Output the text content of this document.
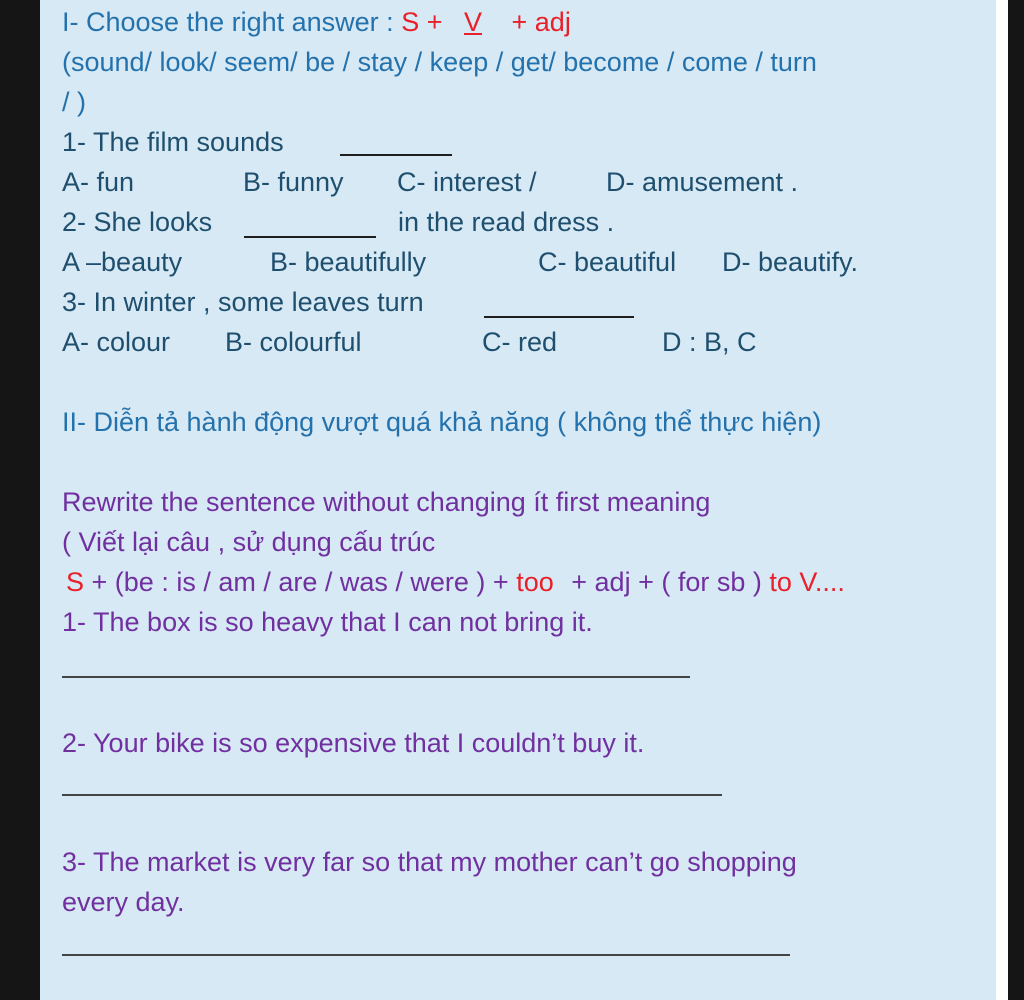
I- Choose the right answer : S + V + adj
(sound/ look/ seem/ be / stay / keep / get/ become / come / turn
/ )
1- The film sounds
A- fun	B- funny C- interest /	D- amusement .
2- She looks	in the read dress .
A –beauty	B- beautifully	C- beautiful D- beautify.
3- In winter , some leaves turn
A- colour B- colourful	C- red	D : B, C
II- Diễn tả hành động vượt quá khả năng ( không thể thực hiện)
Rewrite the sentence without changing ít first meaning
( Viết lại câu , sử dụng cấu trúc
S + (be : is / am / are / was / were ) + too + adj + ( for sb ) to V....
1- The box is so heavy that I can not bring it.
2- Your bike is so expensive that I couldn’t buy it.
3- The market is very far so that my mother can’t go shopping
every day.
